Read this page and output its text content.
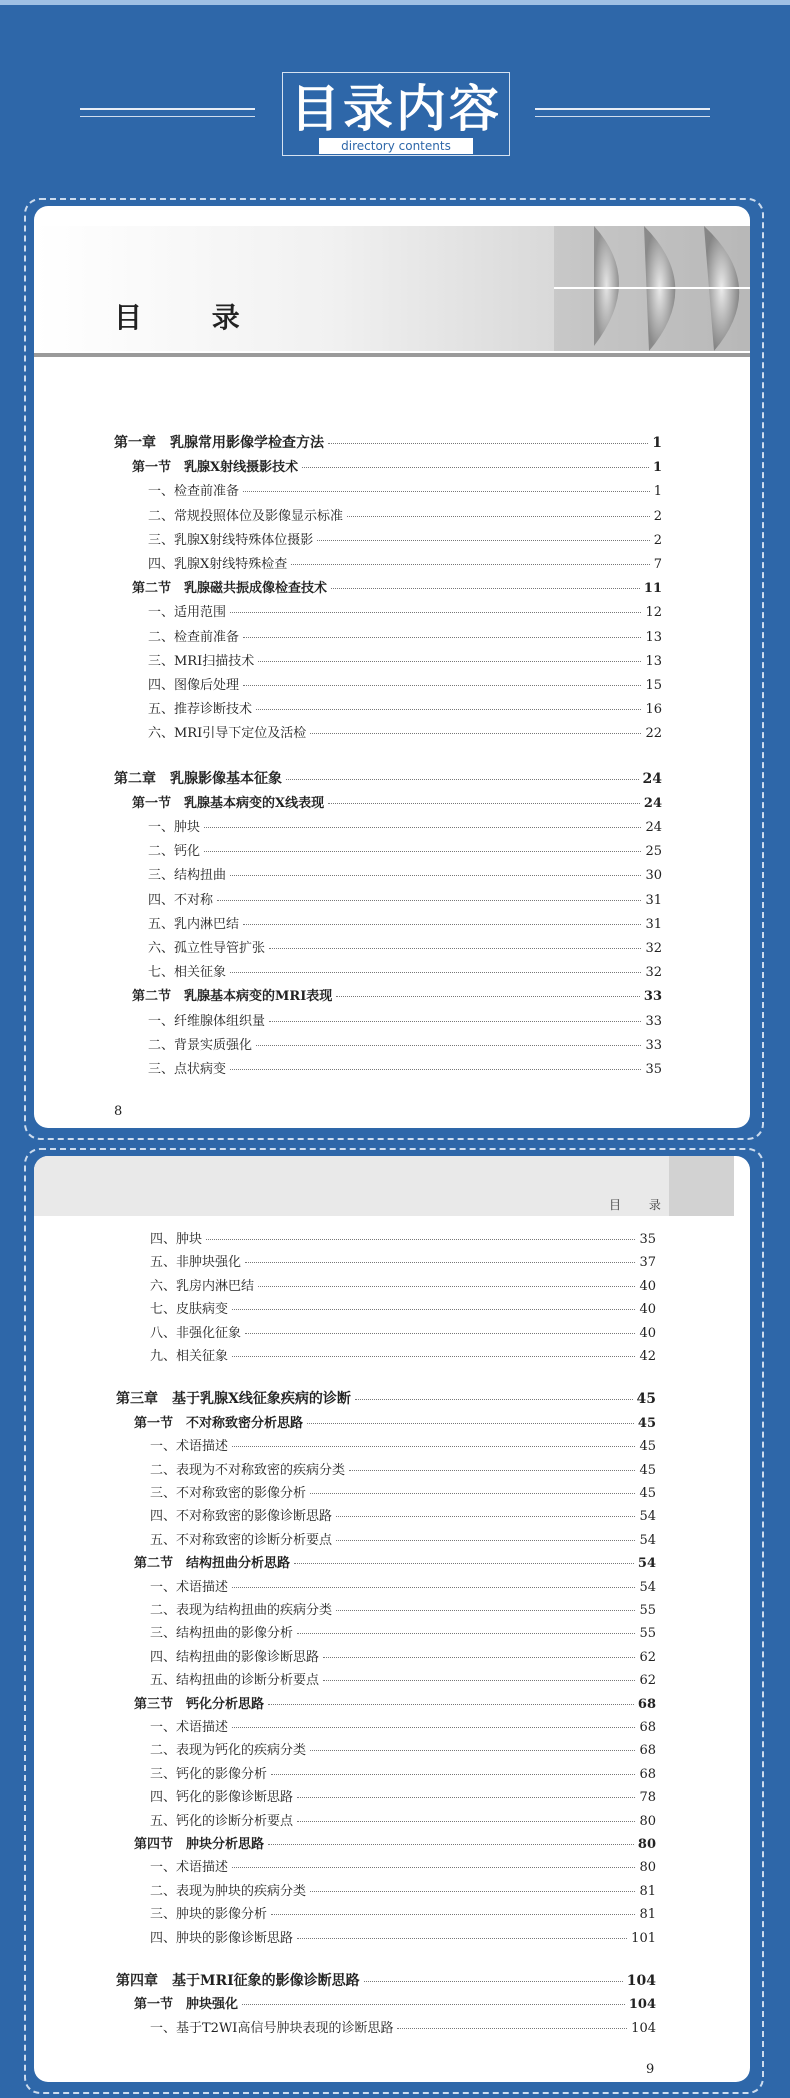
目录内容
directory contents
目 录
第一章　乳腺常用影像学检查方法	1
第一节　乳腺X射线摄影技术	1
一、检查前准备	1
二、常规投照体位及影像显示标准	2
三、乳腺X射线特殊体位摄影	2
四、乳腺X射线特殊检查	7
第二节　乳腺磁共振成像检查技术	11
一、适用范围	12
二、检查前准备	13
三、MRI扫描技术	13
四、图像后处理	15
五、推荐诊断技术	16
六、MRI引导下定位及活检	22
第二章　乳腺影像基本征象	24
第一节　乳腺基本病变的X线表现	24
一、肿块	24
二、钙化	25
三、结构扭曲	30
四、不对称	31
五、乳内淋巴结	31
六、孤立性导管扩张	32
七、相关征象	32
第二节　乳腺基本病变的MRI表现	33
一、纤维腺体组织量	33
二、背景实质强化	33
三、点状病变	35
8
目 录
四、肿块	35
五、非肿块强化	37
六、乳房内淋巴结	40
七、皮肤病变	40
八、非强化征象	40
九、相关征象	42
第三章　基于乳腺X线征象疾病的诊断	45
第一节　不对称致密分析思路	45
一、术语描述	45
二、表现为不对称致密的疾病分类	45
三、不对称致密的影像分析	45
四、不对称致密的影像诊断思路	54
五、不对称致密的诊断分析要点	54
第二节　结构扭曲分析思路	54
一、术语描述	54
二、表现为结构扭曲的疾病分类	55
三、结构扭曲的影像分析	55
四、结构扭曲的影像诊断思路	62
五、结构扭曲的诊断分析要点	62
第三节　钙化分析思路	68
一、术语描述	68
二、表现为钙化的疾病分类	68
三、钙化的影像分析	68
四、钙化的影像诊断思路	78
五、钙化的诊断分析要点	80
第四节　肿块分析思路	80
一、术语描述	80
二、表现为肿块的疾病分类	81
三、肿块的影像分析	81
四、肿块的影像诊断思路	101
第四章　基于MRI征象的影像诊断思路	104
第一节　肿块强化	104
一、基于T2WI高信号肿块表现的诊断思路	104
9
